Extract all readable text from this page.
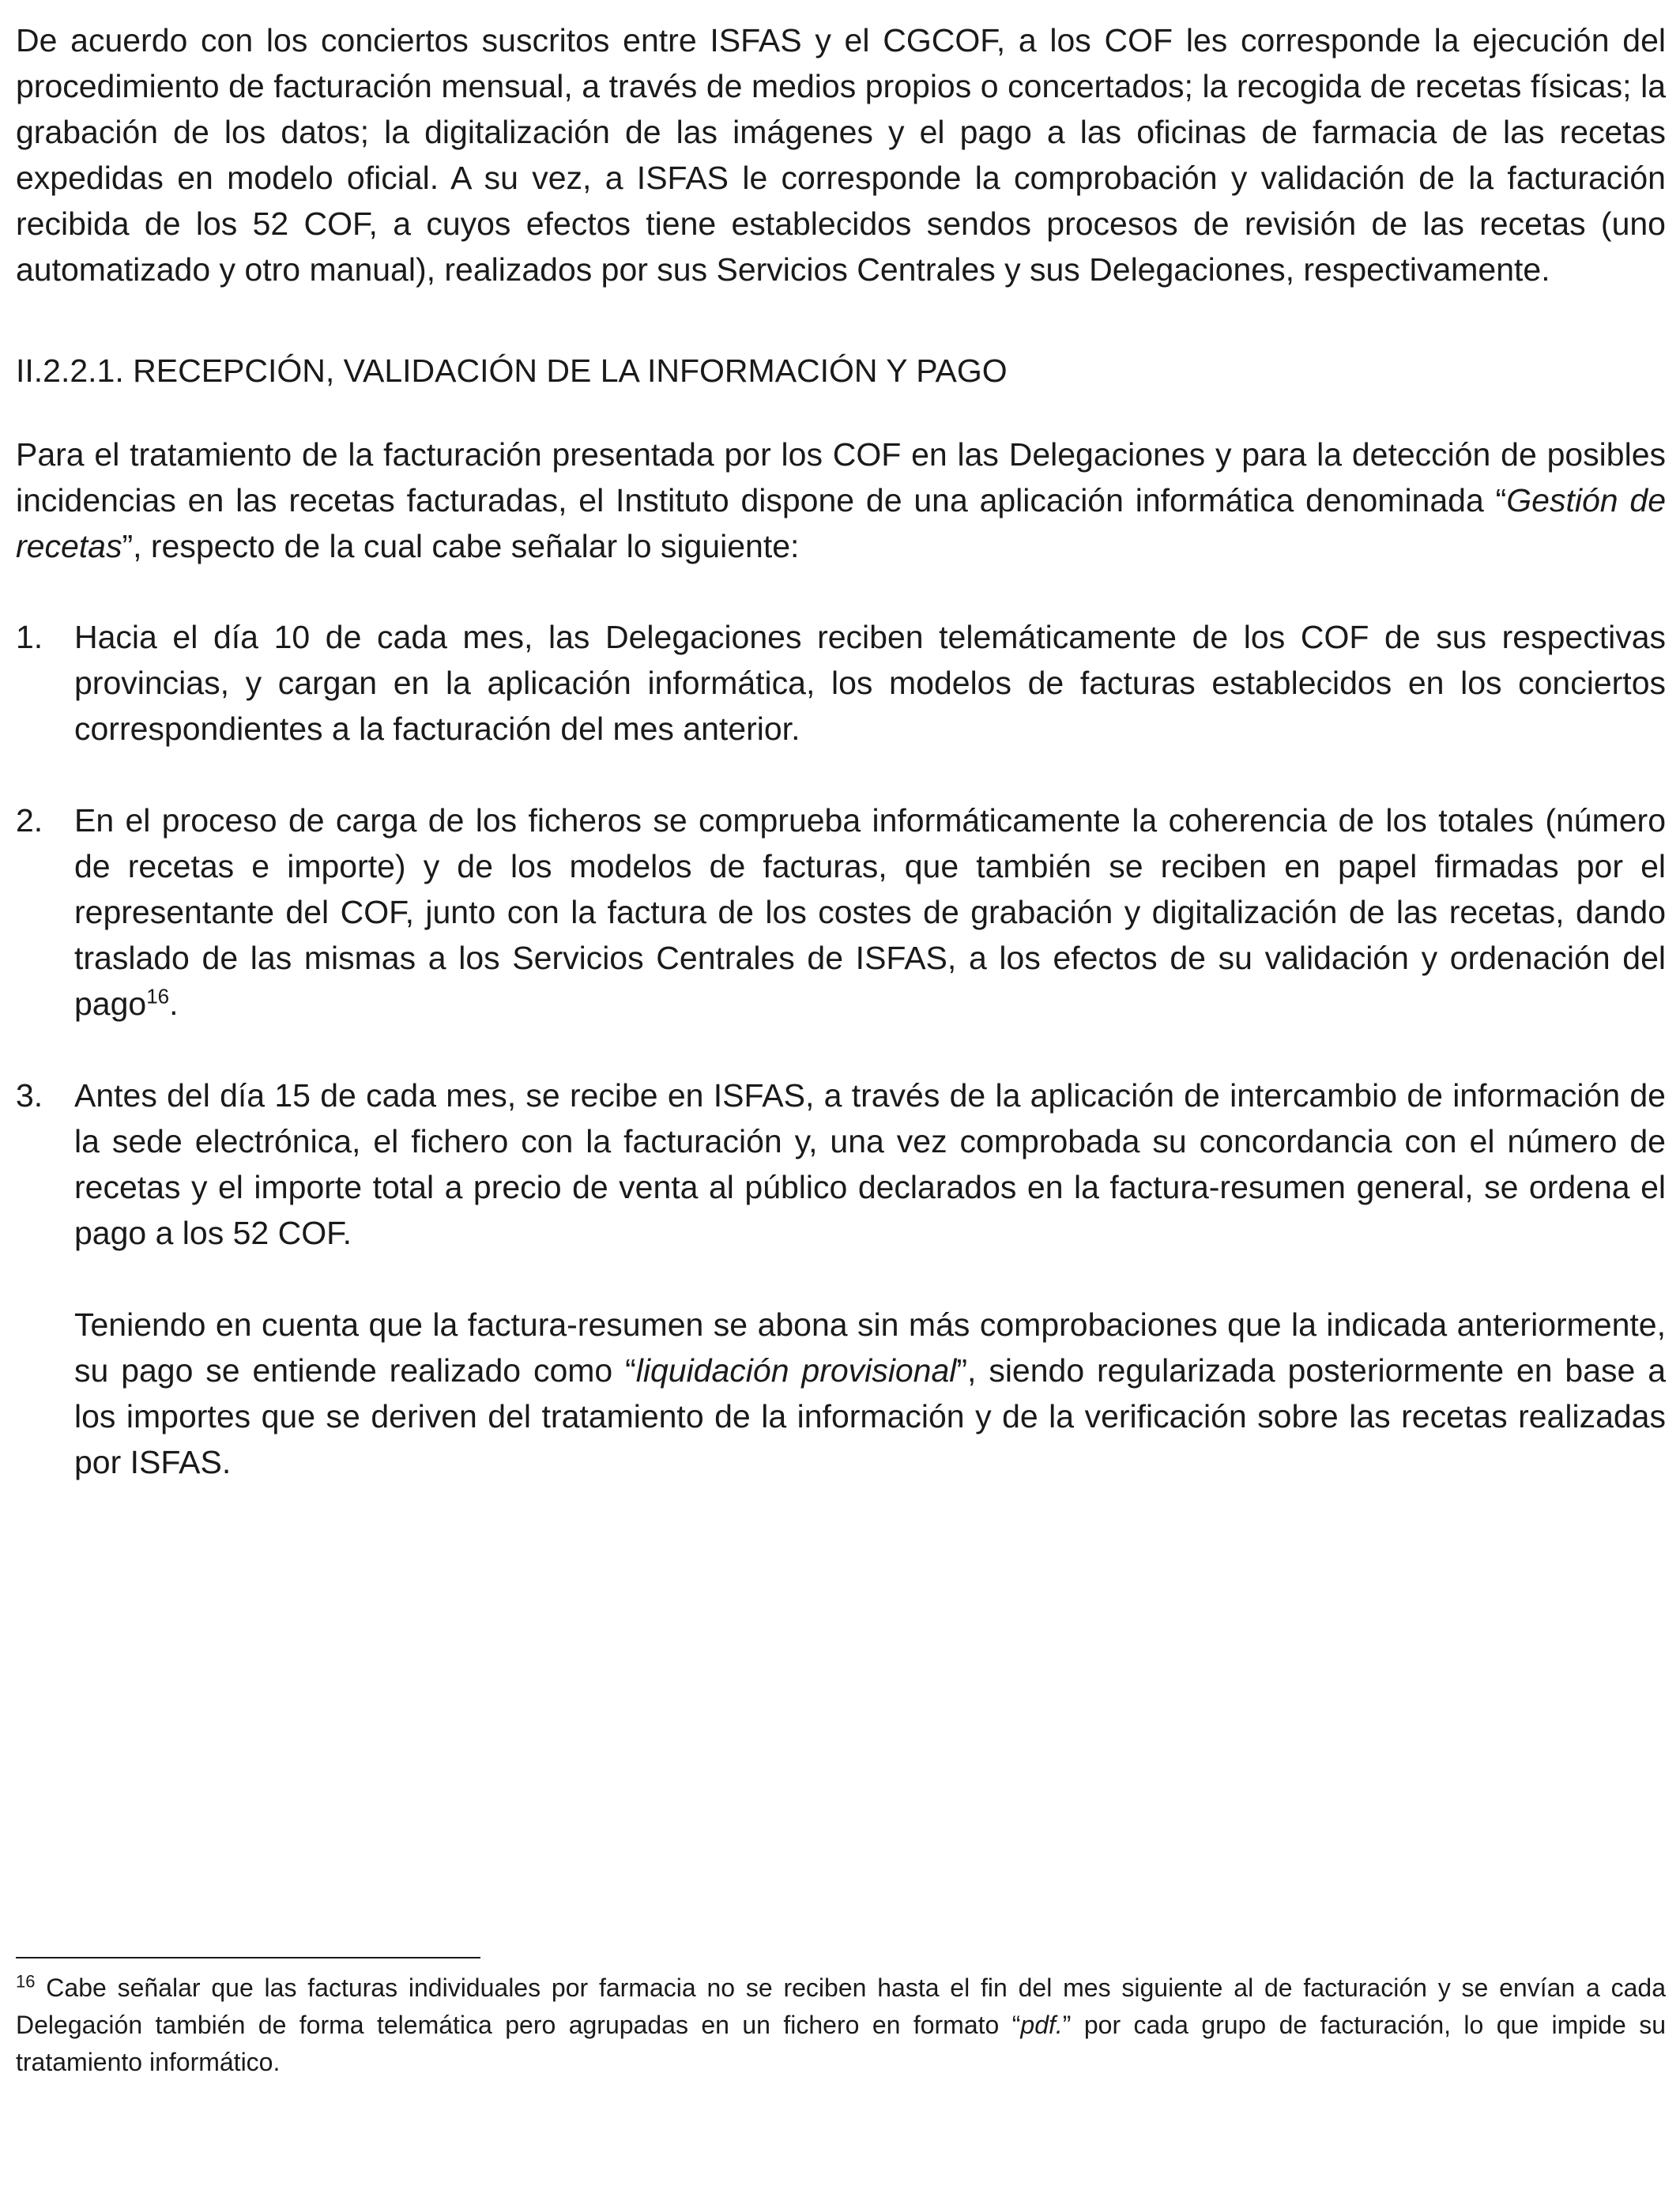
De acuerdo con los conciertos suscritos entre ISFAS y el CGCOF, a los COF les corresponde la ejecución del procedimiento de facturación mensual, a través de medios propios o concertados; la recogida de recetas físicas; la grabación de los datos; la digitalización de las imágenes y el pago a las oficinas de farmacia de las recetas expedidas en modelo oficial. A su vez, a ISFAS le corresponde la comprobación y validación de la facturación recibida de los 52 COF, a cuyos efectos tiene establecidos sendos procesos de revisión de las recetas (uno automatizado y otro manual), realizados por sus Servicios Centrales y sus Delegaciones, respectivamente.

II.2.2.1. RECEPCIÓN, VALIDACIÓN DE LA INFORMACIÓN Y PAGO

Para el tratamiento de la facturación presentada por los COF en las Delegaciones y para la detección de posibles incidencias en las recetas facturadas, el Instituto dispone de una aplicación informática denominada “Gestión de recetas”, respecto de la cual cabe señalar lo siguiente:

1. Hacia el día 10 de cada mes, las Delegaciones reciben telemáticamente de los COF de sus respectivas provincias, y cargan en la aplicación informática, los modelos de facturas establecidos en los conciertos correspondientes a la facturación del mes anterior.

2. En el proceso de carga de los ficheros se comprueba informáticamente la coherencia de los totales (número de recetas e importe) y de los modelos de facturas, que también se reciben en papel firmadas por el representante del COF, junto con la factura de los costes de grabación y digitalización de las recetas, dando traslado de las mismas a los Servicios Centrales de ISFAS, a los efectos de su validación y ordenación del pago$^{16}$.

3. Antes del día 15 de cada mes, se recibe en ISFAS, a través de la aplicación de intercambio de información de la sede electrónica, el fichero con la facturación y, una vez comprobada su concordancia con el número de recetas y el importe total a precio de venta al público declarados en la factura-resumen general, se ordena el pago a los 52 COF.

Teniendo en cuenta que la factura-resumen se abona sin más comprobaciones que la indicada anteriormente, su pago se entiende realizado como “liquidación provisional”, siendo regularizada posteriormente en base a los importes que se deriven del tratamiento de la información y de la verificación sobre las recetas realizadas por ISFAS.

$^{16}$ Cabe señalar que las facturas individuales por farmacia no se reciben hasta el fin del mes siguiente al de facturación y se envían a cada Delegación también de forma telemática pero agrupadas en un fichero en formato “pdf.” por cada grupo de facturación, lo que impide su tratamiento informático.
